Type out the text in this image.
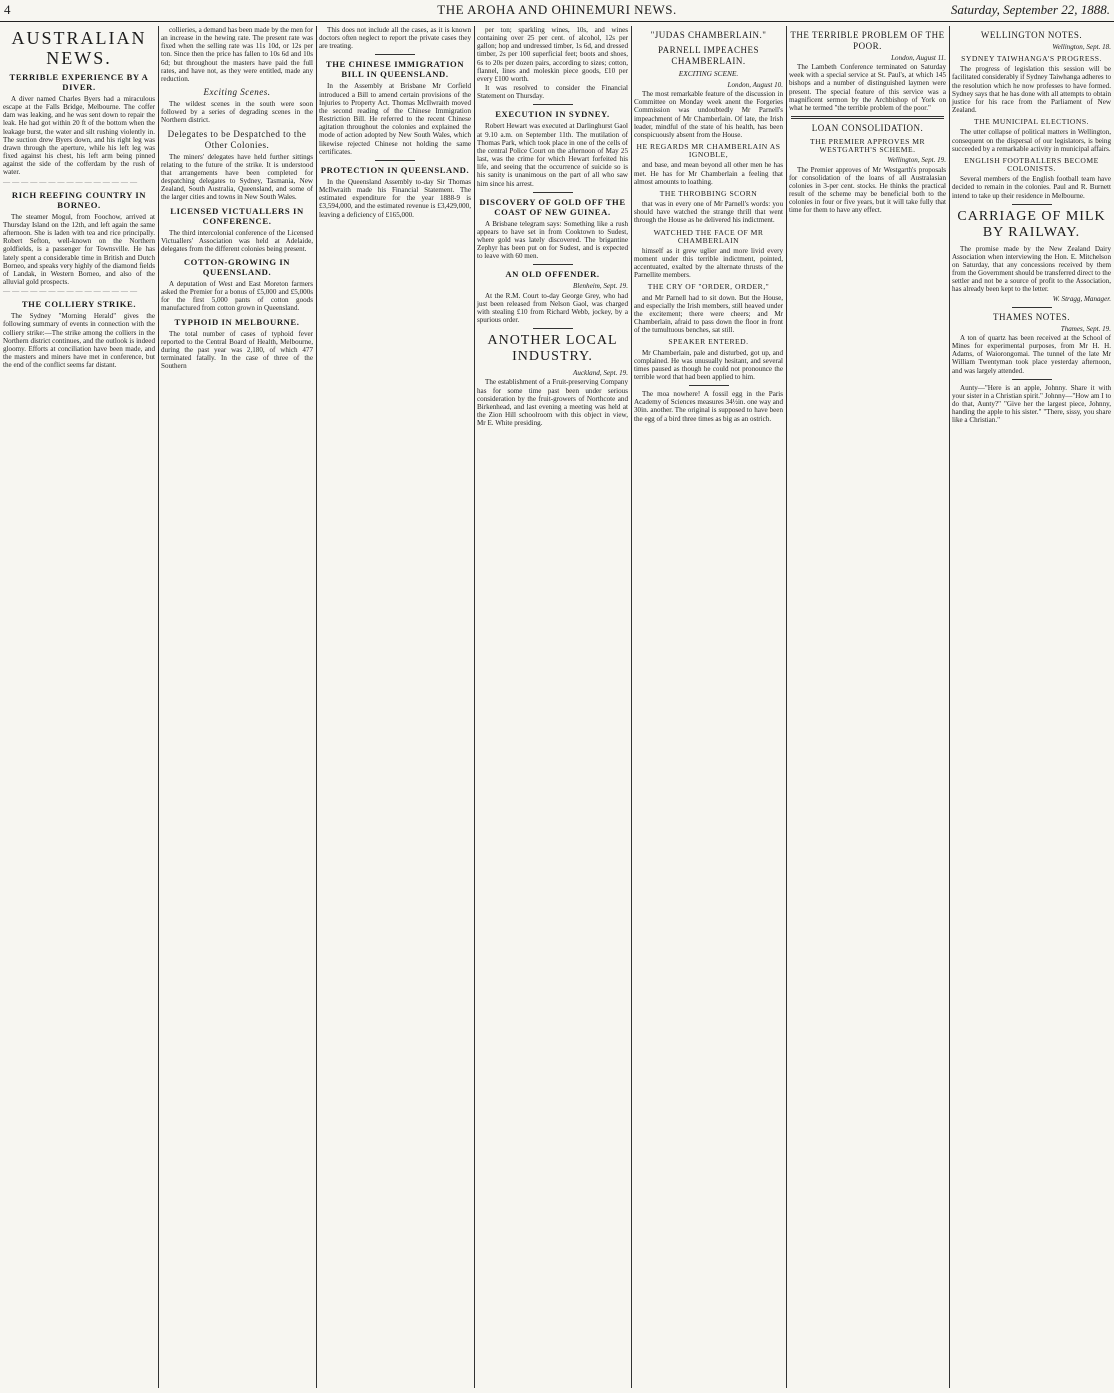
4	THE AROHA AND OHINEMURI NEWS.	Saturday, September 22, 1888.
AUSTRALIAN NEWS.
TERRIBLE EXPERIENCE BY A DIVER.

A diver named Charles Byers had a miraculous escape at the Falls Bridge, Melbourne. The coffer dam was leaking, and he was sent down to repair the leak. He had got within 20 ft of the bottom when the leakage burst, the water and silt rushing violently in. The suction drew Byers down, and his right leg was drawn through the aperture, while his left leg was fixed against his chest, his left arm being pinned against the side of the cofferdam by the rush of water.

— — — — — — — — — — — — — — —

RICH REEFING COUNTRY IN BORNEO.

The steamer Mogul, from Foochow, arrived at Thursday Island on the 12th, and left again the same afternoon. She is laden with tea and rice principally. Robert Sefton, well-known on the Northern goldfields, is a passenger for Townsville. He has lately spent a considerable time in British and Dutch Borneo, and speaks very highly of the diamond fields of Landak, in Western Borneo, and also of the alluvial gold prospects.

— — — — — — — — — — — — — — —

THE COLLIERY STRIKE.

The Sydney "Morning Herald" gives the following summary of events in connection with the colliery strike:—The strike among the colliers in the Northern district continues, and the outlook is indeed gloomy. Efforts at conciliation have been made, and the masters and miners have met in conference, but the end of the conflict seems far distant.

collieries, a demand has been made by the men for an increase in the hewing rate. The present rate was fixed when the selling rate was 11s 10d, or 12s per ton. Since then the price has fallen to 10s 6d and 10s 6d; but throughout the masters have paid the full rates, and have not, as they were entitled, made any reduction.

Exciting Scenes.

The wildest scenes in the south were soon followed by a series of degrading scenes in the Northern district.

Delegates to be Despatched to the Other Colonies.

The miners' delegates have held further sittings relating to the future of the strike. It is understood that arrangements have been completed for despatching delegates to Sydney, Tasmania, New Zealand, South Australia, Queensland, and some of the larger cities and towns in New South Wales.

LICENSED VICTUALLERS IN CONFERENCE.

The third intercolonial conference of the Licensed Victuallers' Association was held at Adelaide, delegates from the different colonies being present.

COTTON-GROWING IN QUEENSLAND.

A deputation of West and East Moreton farmers asked the Premier for a bonus of £5,000 and £5,000s for the first 5,000 pants of cotton goods manufactured from cotton grown in Queensland.

TYPHOID IN MELBOURNE.

The total number of cases of typhoid fever reported to the Central Board of Health, Melbourne, during the past year was 2,180, of which 477 terminated fatally. In the case of three of the Southern

This does not include all the cases, as it is known doctors often neglect to report the private cases they are treating.

THE CHINESE IMMIGRATION BILL IN QUEENSLAND.

In the Assembly at Brisbane Mr Corfield introduced a Bill to amend certain provisions of the Injuries to Property Act. Thomas McIlwraith moved the second reading of the Chinese Immigration Restriction Bill. He referred to the recent Chinese agitation throughout the colonies and explained the mode of action adopted by New South Wales, which likewise rejected Chinese not holding the same certificates.

PROTECTION IN QUEENSLAND.

In the Queensland Assembly to-day Sir Thomas McIlwraith made his Financial Statement. The estimated expenditure for the year 1888-9 is £3,594,000, and the estimated revenue is £3,429,000, leaving a deficiency of £165,000.

per ton; sparkling wines, 10s, and wines containing over 25 per cent. of alcohol, 12s per gallon; hop and undressed timber, 1s 6d, and dressed timber, 2s per 100 superficial feet; boots and shoes, 6s to 20s per dozen pairs, according to sizes; cotton, flannel, lines and moleskin piece goods, £10 per every £100 worth.

It was resolved to consider the Financial Statement on Thursday.

EXECUTION IN SYDNEY.

Robert Hewart was executed at Darlinghurst Gaol at 9.10 a.m. on September 11th. The mutilation of Thomas Park, which took place in one of the cells of the central Police Court on the afternoon of May 25 last, was the crime for which Hewart forfeited his life, and seeing that the occurrence of suicide so is his sanity is unanimous on the part of all who saw him since his arrest.

DISCOVERY OF GOLD OFF THE COAST OF NEW GUINEA.

A Brisbane telegram says: Something like a rush appears to have set in from Cooktown to Sudest, where gold was lately discovered. The brigantine Zephyr has been put on for Sudest, and is expected to leave with 60 men.

AN OLD OFFENDER.

Blenheim, Sept. 19.

At the R.M. Court to-day George Grey, who had just been released from Nelson Gaol, was charged with stealing £10 from Richard Webb, jockey, by a spurious order.

ANOTHER LOCAL INDUSTRY.

Auckland, Sept. 19.

The establishment of a Fruit-preserving Company has for some time past been under serious consideration by the fruit-growers of Northcote and Birkenhead, and last evening a meeting was held at the Zion Hill schoolroom with this object in view, Mr E. White presiding.

"JUDAS CHAMBERLAIN."
PARNELL IMPEACHES CHAMBERLAIN.
EXCITING SCENE.

London, August 10.

The most remarkable feature of the discussion in Committee on Monday week anent the Forgeries Commission was undoubtedly Mr Parnell's impeachment of Mr Chamberlain. Of late, the Irish leader, mindful of the state of his health, has been conspicuously absent from the House.

HE REGARDS MR CHAMBERLAIN AS IGNOBLE,

and base, and mean beyond all other men he has met. He has for Mr Chamberlain a feeling that almost amounts to loathing.

THE THROBBING SCORN

that was in every one of Mr Parnell's words: you should have watched the strange thrill that went through the House as he delivered his indictment.

WATCHED THE FACE OF MR CHAMBERLAIN

himself as it grew uglier and more livid every moment under this terrible indictment, pointed, accentuated, exalted by the alternate thrusts of the Parnellite members.

THE CRY OF "ORDER, ORDER,"

and Mr Parnell had to sit down. But the House, and especially the Irish members, still heaved under the excitement; there were cheers; and Mr Chamberlain, afraid to pass down the floor in front of the tumultuous benches, sat still.

SPEAKER ENTERED.

Mr Chamberlain, pale and disturbed, got up, and complained. He was unusually hesitant, and several times paused as though he could not pronounce the terrible word that had been applied to him.

The moa nowhere! A fossil egg in the Paris Academy of Sciences measures 34½in. one way and 30in. another. The original is supposed to have been the egg of a bird three times as big as an ostrich.

THE TERRIBLE PROBLEM OF THE POOR.

London, August 11.

The Lambeth Conference terminated on Saturday week with a special service at St. Paul's, at which 145 bishops and a number of distinguished laymen were present. The special feature of this service was a magnificent sermon by the Archbishop of York on what he termed "the terrible problem of the poor."

LOAN CONSOLIDATION.
THE PREMIER APPROVES MR WESTGARTH'S SCHEME.

Wellington, Sept. 19.

The Premier approves of Mr Westgarth's proposals for consolidation of the loans of all Australasian colonies in 3-per cent. stocks. He thinks the practical result of the scheme may be beneficial both to the colonies in four or five years, but it will take fully that time for them to have any effect.

WELLINGTON NOTES.

Wellington, Sept. 18.

SYDNEY TAIWHANGA'S PROGRESS.

The progress of legislation this session will be facilitated considerably if Sydney Taiwhanga adheres to the resolution which he now professes to have formed. Sydney says that he has done with all attempts to obtain justice for his race from the Parliament of New Zealand.

THE MUNICIPAL ELECTIONS.

The utter collapse of political matters in Wellington, consequent on the dispersal of our legislators, is being succeeded by a remarkable activity in municipal affairs.

ENGLISH FOOTBALLERS BECOME COLONISTS.

Several members of the English football team have decided to remain in the colonies. Paul and R. Burnett intend to take up their residence in Melbourne.

CARRIAGE OF MILK BY RAILWAY.

The promise made by the New Zealand Dairy Association when interviewing the Hon. E. Mitchelson on Saturday, that any concessions received by them from the Government should be transferred direct to the settler and not be a source of profit to the Association, has already been kept to the letter.

W. Stragg, Manager.

THAMES NOTES.

Thames, Sept. 19.

A ton of quartz has been received at the School of Mines for experimental purposes, from Mr H. H. Adams, of Waiorongomai. The tunnel of the late Mr William Twentyman took place yesterday afternoon, and was largely attended.

Aunty—"Here is an apple, Johnny. Share it with your sister in a Christian spirit." Johnny—"How am I to do that, Aunty?" "Give her the largest piece, Johnny, handing the apple to his sister." "There, sissy, you share like a Christian."
